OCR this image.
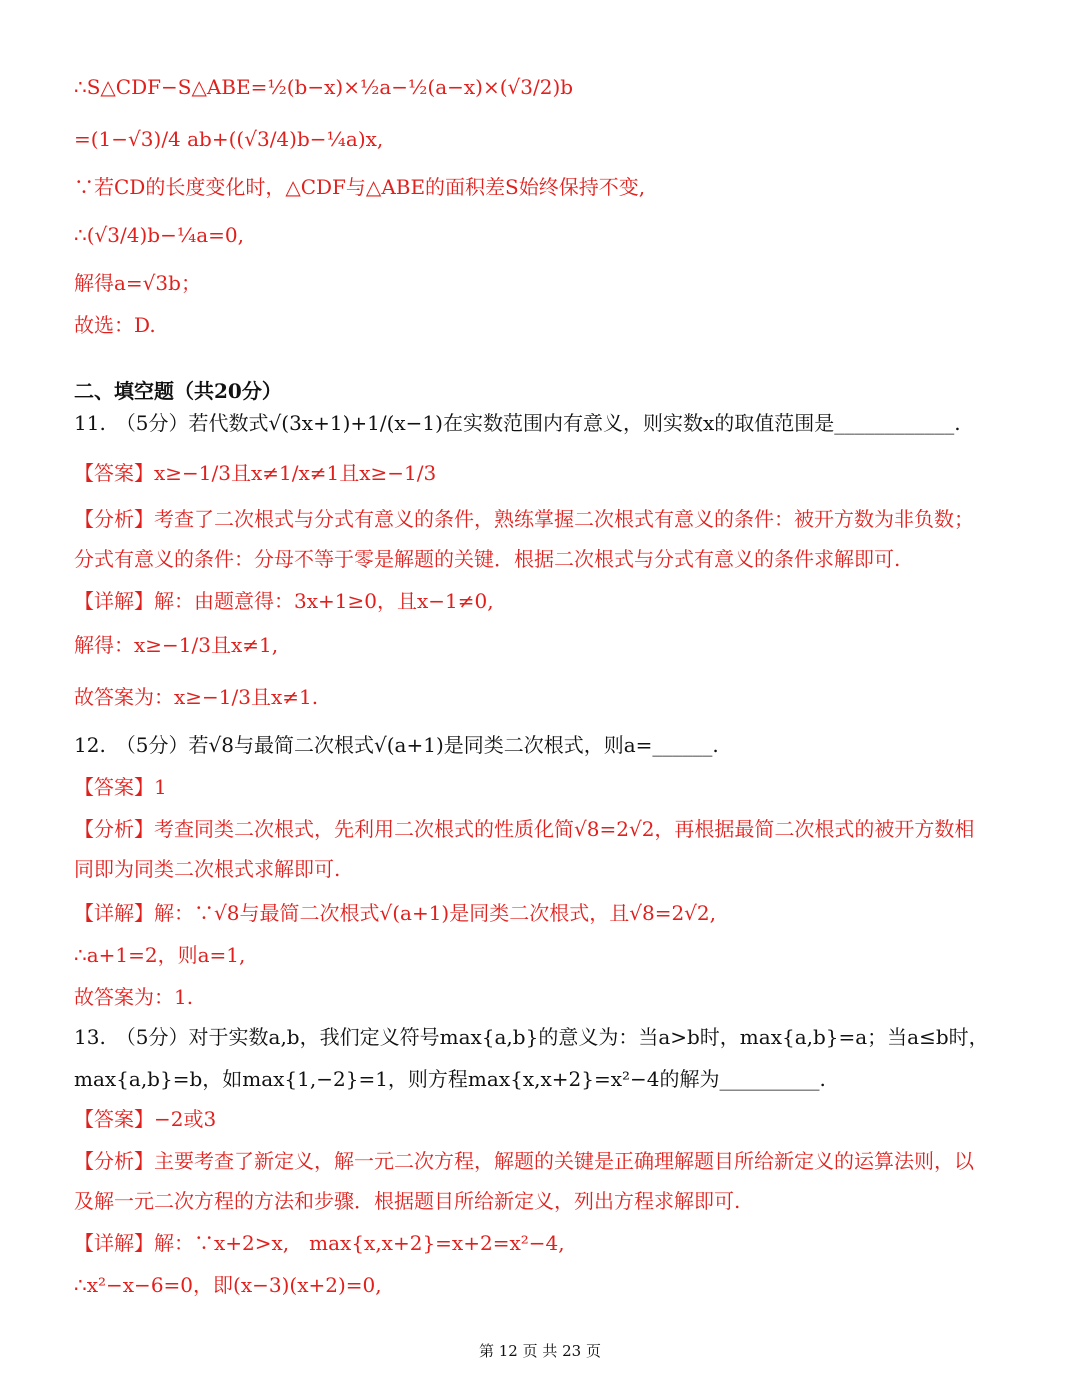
∴S△CDF−S△ABE=½(b−x)×½a−½(a−x)×(√3/2)b
=(1−√3)/4 ab+((√3/4)b−¼a)x,
∵若CD的长度变化时，△CDF与△ABE的面积差S始终保持不变,
∴(√3/4)b−¼a=0,
解得a=√3b；
故选：D.
二、填空题（共20分）
11.　（5分）若代数式√(3x+1)+1/(x−1)在实数范围内有意义，则实数x的取值范围是____________.
【答案】x≥−1/3且x≠1/x≠1且x≥−1/3
【分析】考查了二次根式与分式有意义的条件，熟练掌握二次根式有意义的条件：被开方数为非负数；
分式有意义的条件：分母不等于零是解题的关键．根据二次根式与分式有意义的条件求解即可.
【详解】解：由题意得：3x+1≥0，且x−1≠0,
解得：x≥−1/3且x≠1,
故答案为：x≥−1/3且x≠1.
12.　（5分）若√8与最简二次根式√(a+1)是同类二次根式，则a=______.
【答案】1
【分析】考查同类二次根式，先利用二次根式的性质化简√8=2√2，再根据最简二次根式的被开方数相
同即为同类二次根式求解即可.
【详解】解：∵√8与最简二次根式√(a+1)是同类二次根式，且√8=2√2,
∴a+1=2，则a=1,
故答案为：1.
13.　（5分）对于实数a,b，我们定义符号max{a,b}的意义为：当a>b时，max{a,b}=a；当a≤b时，
max{a,b}=b，如max{1,−2}=1，则方程max{x,x+2}=x²−4的解为__________.
【答案】−2或3
【分析】主要考查了新定义，解一元二次方程，解题的关键是正确理解题目所给新定义的运算法则，以
及解一元二次方程的方法和步骤．根据题目所给新定义，列出方程求解即可.
【详解】解：∵x+2>x,　max{x,x+2}=x+2=x²−4,
∴x²−x−6=0，即(x−3)(x+2)=0,
第 12 页 共 23 页
